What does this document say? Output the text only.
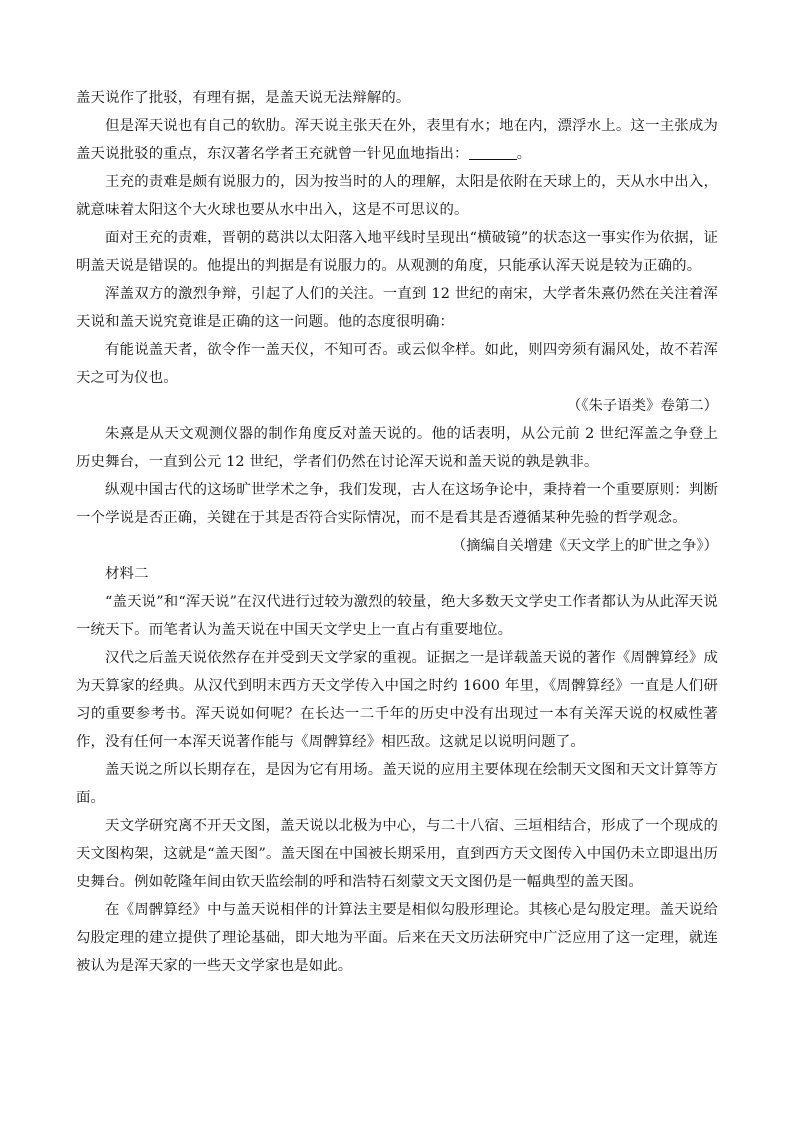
盖天说作了批驳，有理有据，是盖天说无法辩解的。

但是浑天说也有自己的软肋。浑天说主张天在外，表里有水；地在内，漂浮水上。这一主张成为盖天说批驳的重点，东汉著名学者王充就曾一针见血地指出：	。

王充的责难是颇有说服力的，因为按当时的人的理解，太阳是依附在天球上的，天从水中出入，就意味着太阳这个大火球也要从水中出入，这是不可思议的。

面对王充的责难，晋朝的葛洪以太阳落入地平线时呈现出“横破镜”的状态这一事实作为依据，证明盖天说是错误的。他提出的判据是有说服力的。从观测的角度，只能承认浑天说是较为正确的。

浑盖双方的激烈争辩，引起了人们的关注。一直到 12 世纪的南宋，大学者朱熹仍然在关注着浑天说和盖天说究竟谁是正确的这一问题。他的态度很明确：

有能说盖天者，欲令作一盖天仪，不知可否。或云似伞样。如此，则四旁须有漏风处，故不若浑天之可为仪也。

（《朱子语类》卷第二）

朱熹是从天文观测仪器的制作角度反对盖天说的。他的话表明，从公元前 2 世纪浑盖之争登上历史舞台，一直到公元 12 世纪，学者们仍然在讨论浑天说和盖天说的孰是孰非。

纵观中国古代的这场旷世学术之争，我们发现，古人在这场争论中，秉持着一个重要原则：判断一个学说是否正确，关键在于其是否符合实际情况，而不是看其是否遵循某种先验的哲学观念。

（摘编自关增建《天文学上的旷世之争》）

材料二

“盖天说”和“浑天说”在汉代进行过较为激烈的较量，绝大多数天文学史工作者都认为从此浑天说一统天下。而笔者认为盖天说在中国天文学史上一直占有重要地位。

汉代之后盖天说依然存在并受到天文学家的重视。证据之一是详载盖天说的著作《周髀算经》成为天算家的经典。从汉代到明末西方天文学传入中国之时约 1600 年里，《周髀算经》一直是人们研习的重要参考书。浑天说如何呢？在长达一二千年的历史中没有出现过一本有关浑天说的权威性著作，没有任何一本浑天说著作能与《周髀算经》相匹敌。这就足以说明问题了。

盖天说之所以长期存在，是因为它有用场。盖天说的应用主要体现在绘制天文图和天文计算等方面。

天文学研究离不开天文图，盖天说以北极为中心，与二十八宿、三垣相结合，形成了一个现成的天文图构架，这就是“盖天图”。盖天图在中国被长期采用，直到西方天文图传入中国仍未立即退出历史舞台。例如乾隆年间由钦天监绘制的呼和浩特石刻蒙文天文图仍是一幅典型的盖天图。

在《周髀算经》中与盖天说相伴的计算法主要是相似勾股形理论。其核心是勾股定理。盖天说给勾股定理的建立提供了理论基础，即大地为平面。后来在天文历法研究中广泛应用了这一定理，就连被认为是浑天家的一些天文学家也是如此。
